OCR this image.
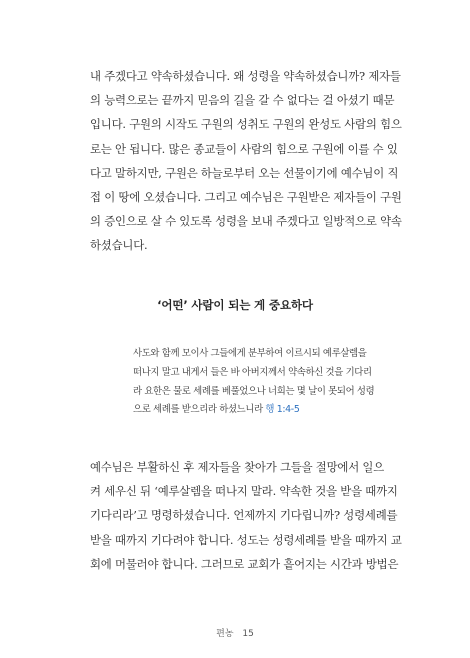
내 주겠다고 약속하셨습니다. 왜 성령을 약속하셨습니까? 제자들
의 능력으로는 끝까지 믿음의 길을 갈 수 없다는 걸 아셨기 때문
입니다. 구원의 시작도 구원의 성취도 구원의 완성도 사람의 힘으
로는 안 됩니다. 많은 종교들이 사람의 힘으로 구원에 이를 수 있
다고 말하지만, 구원은 하늘로부터 오는 선물이기에 예수님이 직
접 이 땅에 오셨습니다. 그리고 예수님은 구원받은 제자들이 구원
의 증인으로 살 수 있도록 성령을 보내 주겠다고 일방적으로 약속
하셨습니다.
‘어떤’ 사람이 되는 게 중요하다
사도와 함께 모이사 그들에게 분부하여 이르시되 예루살렘을
떠나지 말고 내게서 들은 바 아버지께서 약속하신 것을 기다리
라 요한은 물로 세례를 베풀었으나 너희는 몇 날이 못되어 성령
으로 세례를 받으리라 하셨느니라 행 1:4-5
예수님은 부활하신 후 제자들을 찾아가 그들을 절망에서 일으
켜 세우신 뒤 ‘예루살렘을 떠나지 말라. 약속한 것을 받을 때까지
기다리라’고 명령하셨습니다. 언제까지 기다립니까? 성령세례를
받을 때까지 기다려야 합니다. 성도는 성령세례를 받을 때까지 교
회에 머물러야 합니다. 그러므로 교회가 흩어지는 시간과 방법은
편농 15
